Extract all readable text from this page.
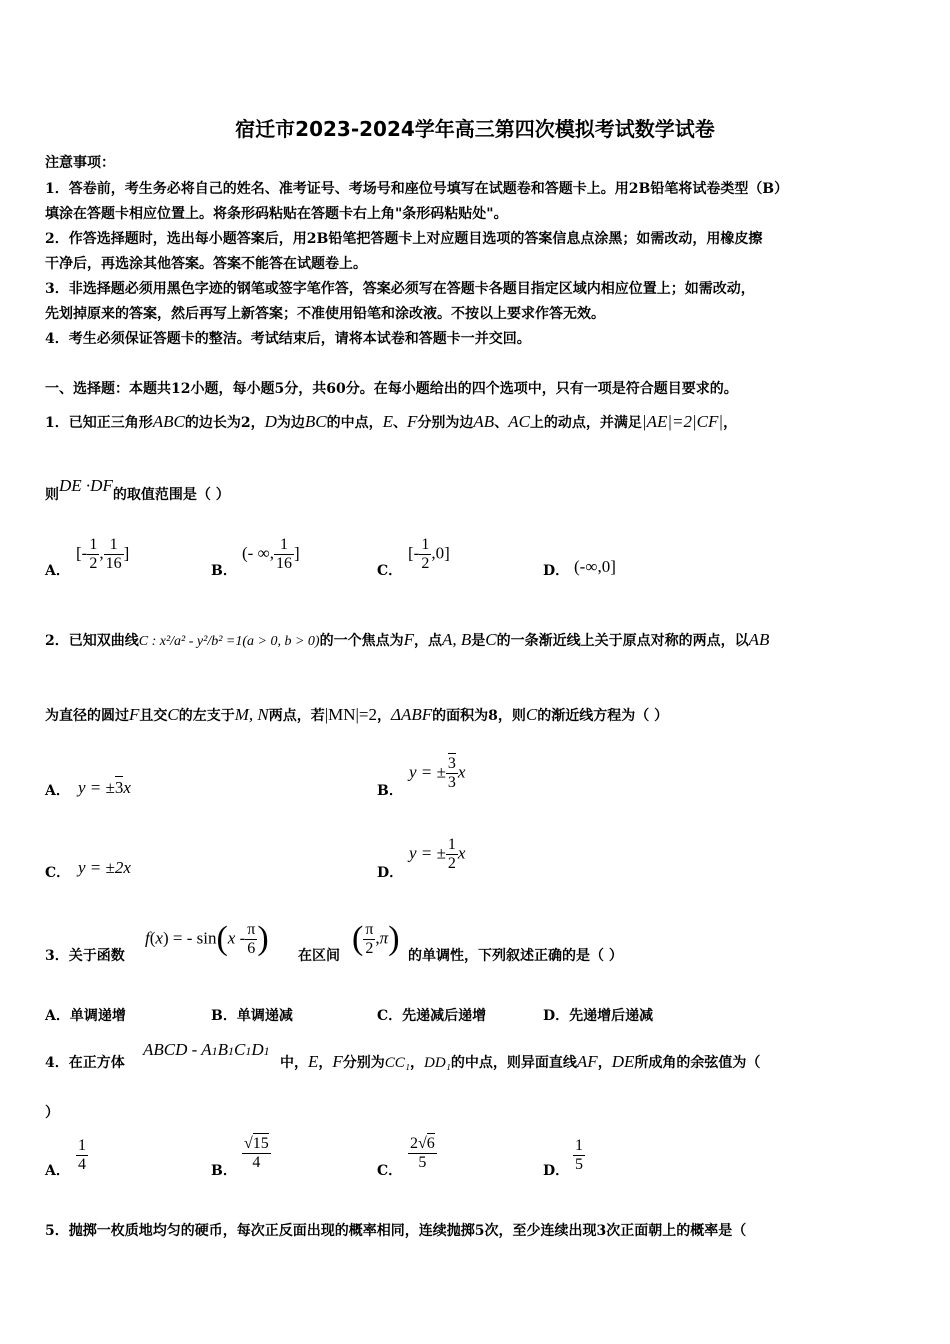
宿迁市2023-2024学年高三第四次模拟考试数学试卷
注意事项：
1．答卷前，考生务必将自己的姓名、准考证号、考场号和座位号填写在试题卷和答题卡上。用2B铅笔将试卷类型（B）
填涂在答题卡相应位置上。将条形码粘贴在答题卡右上角"条形码粘贴处"。
2．作答选择题时，选出每小题答案后，用2B铅笔把答题卡上对应题目选项的答案信息点涂黑；如需改动，用橡皮擦
干净后，再选涂其他答案。答案不能答在试题卷上。
3．非选择题必须用黑色字迹的钢笔或签字笔作答，答案必须写在答题卡各题目指定区域内相应位置上；如需改动，
先划掉原来的答案，然后再写上新答案；不准使用铅笔和涂改液。不按以上要求作答无效。
4．考生必须保证答题卡的整洁。考试结束后，请将本试卷和答题卡一并交回。
一、选择题：本题共12小题，每小题5分，共60分。在每小题给出的四个选项中，只有一项是符合题目要求的。
1．已知正三角形ABC的边长为2，D为边BC的中点，E、F分别为边AB、AC上的动点，并满足|AE|=2|CF|，
则DE ·DF的取值范围是（ ）
A．
[- $\frac{1}{2}$ , $\frac{1}{16}$ ]
B．
(- ∞, $\frac{1}{16}$ ]
C．
[- $\frac{1}{2} ,0$]
D． (-∞,0]
2．已知双曲线C : x²/a² - y²/b² =1(a > 0, b > 0)的一个焦点为F，点A, B是C的一条渐近线上关于原点对称的两点，以AB
为直径的圆过F且交C的左支于M, N两点，若|MN|=2，ΔABF的面积为8，则C的渐近线方程为（ ）
A． y = ±3x	B．
y = ± $\frac{3}{3}$ x
C． y = ±2x	D．
y = ± $\frac{1}{2}$ x
3．关于函数
f(x) = - $\sin(x - \frac{\pi}{6}$ ) 在区间 ( $\frac{\pi}{2} ,\pi$) 的单调性，下列叙述正确的是（ ）
A．单调递增	B．单调递减	C．先递减后递增	D．先递增后递减
4．在正方体
ABCD - A1B1C1D1
中，E，F分别为CC₁，DD₁的中点，则异面直线AF，DE所成角的余弦值为（
）
A． $\frac{1}{4}$	B． $\frac{√15}{4}$	C． $\frac{2√6}{5}$	D． $\frac{1}{5}$
5．抛掷一枚质地均匀的硬币，每次正反面出现的概率相同，连续抛掷5次，至少连续出现3次正面朝上的概率是（
